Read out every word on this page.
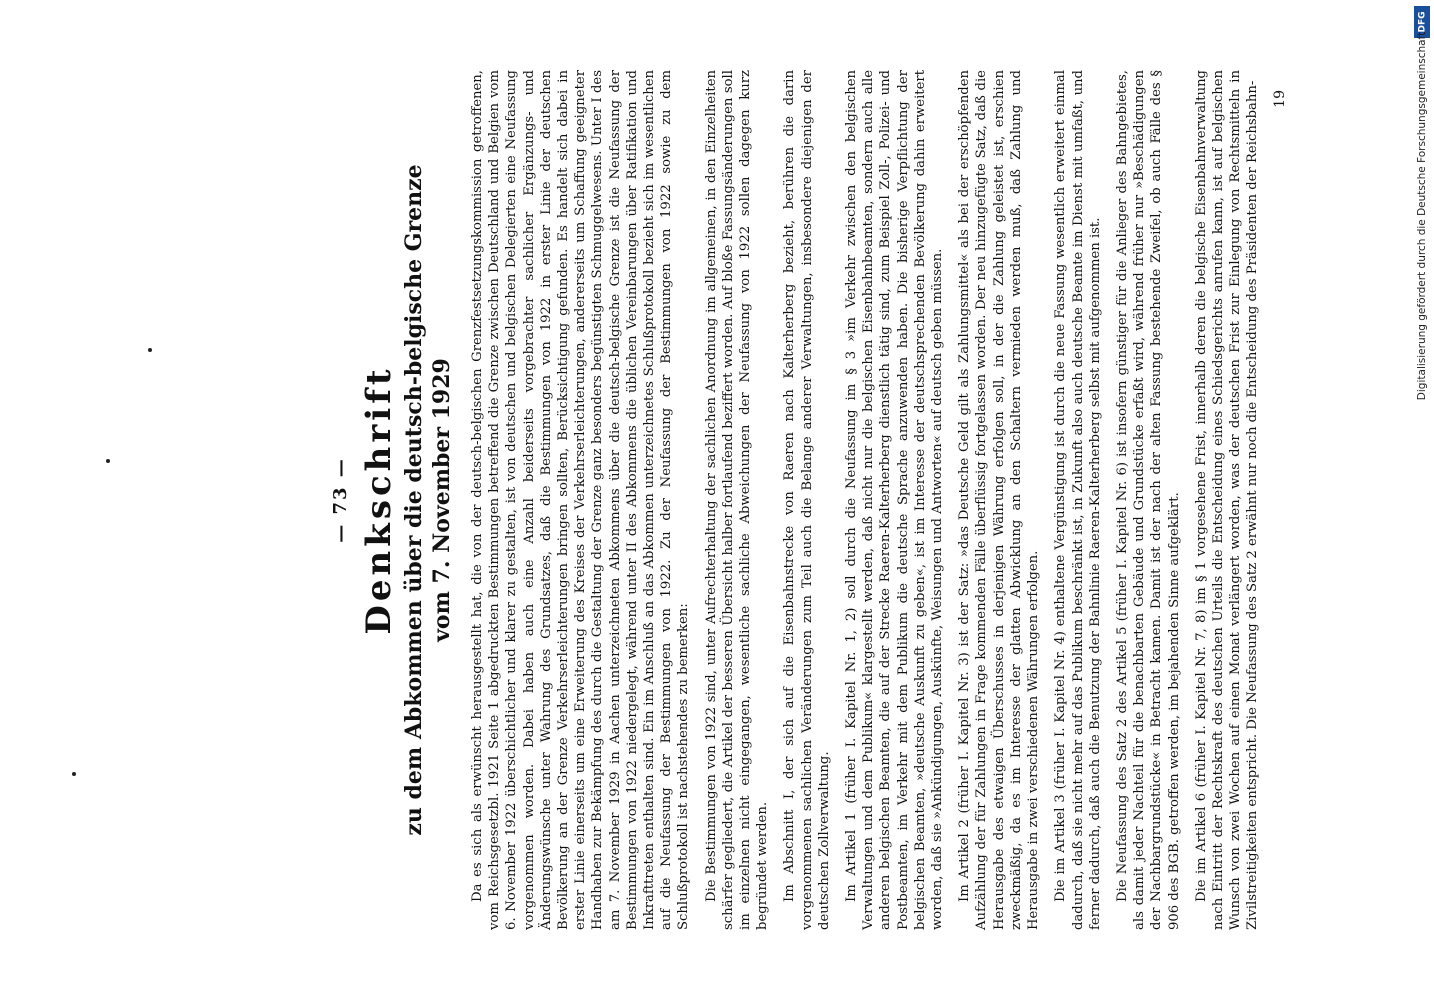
— 73 — Denkschrift zu dem Abkommen über die deutsch-belgische Grenze vom 7. November 1929 Da es sich als erwünscht herausgestellt hat, die von der deutsch-belgischen Grenzfestsetzungskommission getroffenen, vom Reichsgesetzbl. 1921 Seite 1 abgedruckten Bestimmungen betreffend die Grenze zwischen Deutschland und Belgien vom 6. November 1922 überschichtlicher und klarer zu gestalten, ist von deutschen und belgischen Delegierten eine Neufassung vorgenommen worden. Dabei haben auch eine Anzahl beiderseits vorgebrachter sachlicher Ergänzungs- und Änderungswünsche unter Wahrung des Grundsatzes, daß die Bestimmungen von 1922 in erster Linie der deutschen Bevölkerung an der Grenze Verkehrserleichterungen bringen sollten, Berücksichtigung gefunden. Es handelt sich dabei in erster Linie einerseits um eine Erweiterung des Kreises der Verkehrserleichterungen, andererseits um Schaffung geeigneter Handhaben zur Bekämpfung des durch die Gestaltung der Grenze ganz besonders begünstigten Schmuggelwesens. Unter I des am 7. November 1929 in Aachen unterzeichneten Abkommens über die deutsch-belgische Grenze ist die Neufassung der Bestimmungen von 1922 niedergelegt, während unter II des Abkommens die üblichen Vereinbarungen über Ratifikation und Inkrafttreten enthalten sind. Ein im Anschluß an das Abkommen unterzeichnetes Schlußprotokoll bezieht sich im wesentlichen auf die Neufassung der Bestimmungen von 1922. Zu der Neufassung der Bestimmungen von 1922 sowie zu dem Schlußprotokoll ist nachstehendes zu bemerken: Die Bestimmungen von 1922 sind, unter Aufrechterhaltung der sachlichen Anordnung im allgemeinen, in den Einzelheiten schärfer gegliedert, die Artikel der besseren Übersicht halber fortlaufend beziffert worden. Auf bloße Fassungsänderungen soll im einzelnen nicht eingegangen, wesentliche sachliche Abweichungen der Neufassung von 1922 sollen dagegen kurz begründet werden. Im Abschnitt I, der sich auf die Eisenbahnstrecke von Raeren nach Kalterherberg bezieht, berühren die darin vorgenommenen sachlichen Veränderungen zum Teil auch die Belange anderer Verwaltungen, insbesondere diejenigen der deutschen Zollverwaltung. Im Artikel 1 (früher I. Kapitel Nr. 1, 2) soll durch die Neufassung im § 3 »im Verkehr zwischen den belgischen Verwaltungen und dem Publikum« klargestellt werden, daß nicht nur die belgischen Eisenbahnbeamten, sondern auch alle anderen belgischen Beamten, die auf der Strecke Raeren-Kalterherberg dienstlich tätig sind, zum Beispiel Zoll-, Polizei- und Postbeamten, im Verkehr mit dem Publikum die deutsche Sprache anzuwenden haben. Die bisherige Verpflichtung der belgischen Beamten, »deutsche Auskunft zu geben«, ist im Interesse der deutschsprechenden Bevölkerung dahin erweitert worden, daß sie »Ankündigungen, Auskünfte, Weisungen und Antworten« auf deutsch geben müssen. Im Artikel 2 (früher I. Kapitel Nr. 3) ist der Satz: »das Deutsche Geld gilt als Zahlungsmittel« als bei der erschöpfenden Aufzählung der für Zahlungen in Frage kommenden Fälle überflüssig fortgelassen worden. Der neu hinzugefügte Satz, daß die Herausgabe des etwaigen Überschusses in derjenigen Währung erfolgen soll, in der die Zahlung geleistet ist, erschien zweckmäßig, da es im Interesse der glatten Abwicklung an den Schaltern vermieden werden muß, daß Zahlung und Herausgabe in zwei verschiedenen Währungen erfolgen. Die im Artikel 3 (früher I. Kapitel Nr. 4) enthaltene Vergünstigung ist durch die neue Fassung wesentlich erweitert einmal dadurch, daß sie nicht mehr auf das Publikum beschränkt ist, in Zukunft also auch deutsche Beamte im Dienst mit umfaßt, und ferner dadurch, daß auch die Benutzung der Bahnlinie Raeren-Kalterherberg selbst mit aufgenommen ist. Die Neufassung des Satz 2 des Artikel 5 (früher I. Kapitel Nr. 6) ist insofern günstiger für die Anlieger des Bahngebietes, als damit jeder Nachteil für die benachbarten Gebäude und Grundstücke erfaßt wird, während früher nur »Beschädigungen der Nachbargrundstücke« in Betracht kamen. Damit ist der nach der alten Fassung bestehende Zweifel, ob auch Fälle des § 906 des BGB. getroffen werden, im bejahenden Sinne aufgeklärt. Die im Artikel 6 (früher I. Kapitel Nr. 7, 8) im § 1 vorgesehene Frist, innerhalb deren die belgische Eisenbahnverwaltung nach Eintritt der Rechtskraft des deutschen Urteils die Entscheidung eines Schiedsgerichts anrufen kann, ist auf belgischen Wunsch von zwei Wochen auf einen Monat verlängert worden, was der deutschen Frist zur Einlegung von Rechtsmitteln in Zivilstreitigkeiten entspricht. Die Neufassung des Satz 2 erwähnt nur noch die Entscheidung des Präsidenten der Reichsbahn- 19
DFG
Digitalisierung gefördert durch die Deutsche Forschungsgemeinschaft
